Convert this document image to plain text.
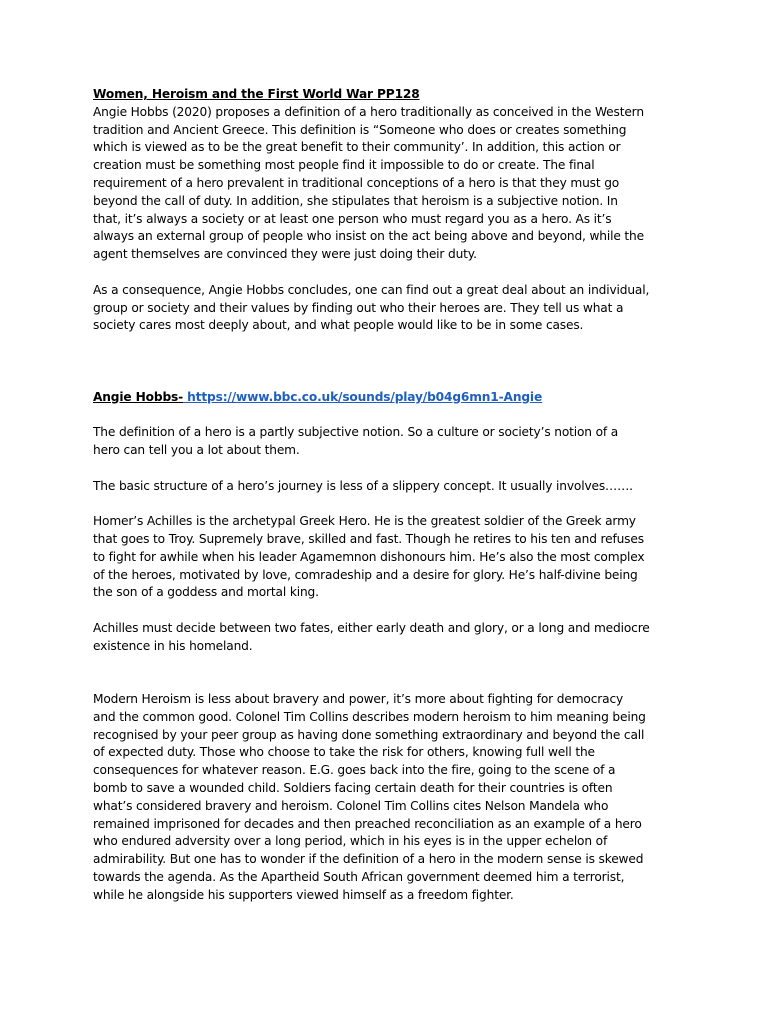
Women, Heroism and the First World War PP128
Angie Hobbs (2020) proposes a definition of a hero traditionally as conceived in the Western
tradition and Ancient Greece. This definition is “Someone who does or creates something
which is viewed as to be the great benefit to their community’. In addition, this action or
creation must be something most people find it impossible to do or create. The final
requirement of a hero prevalent in traditional conceptions of a hero is that they must go
beyond the call of duty. In addition, she stipulates that heroism is a subjective notion. In
that, it’s always a society or at least one person who must regard you as a hero. As it’s
always an external group of people who insist on the act being above and beyond, while the
agent themselves are convinced they were just doing their duty.
As a consequence, Angie Hobbs concludes, one can find out a great deal about an individual,
group or society and their values by finding out who their heroes are. They tell us what a
society cares most deeply about, and what people would like to be in some cases.
Angie Hobbs- https://www.bbc.co.uk/sounds/play/b04g6mn1-Angie
The definition of a hero is a partly subjective notion. So a culture or society’s notion of a
hero can tell you a lot about them.
The basic structure of a hero’s journey is less of a slippery concept. It usually involves…….
Homer’s Achilles is the archetypal Greek Hero. He is the greatest soldier of the Greek army
that goes to Troy. Supremely brave, skilled and fast. Though he retires to his ten and refuses
to fight for awhile when his leader Agamemnon dishonours him. He’s also the most complex
of the heroes, motivated by love, comradeship and a desire for glory. He’s half-divine being
the son of a goddess and mortal king.
Achilles must decide between two fates, either early death and glory, or a long and mediocre
existence in his homeland.
Modern Heroism is less about bravery and power, it’s more about fighting for democracy
and the common good. Colonel Tim Collins describes modern heroism to him meaning being
recognised by your peer group as having done something extraordinary and beyond the call
of expected duty. Those who choose to take the risk for others, knowing full well the
consequences for whatever reason. E.G. goes back into the fire, going to the scene of a
bomb to save a wounded child. Soldiers facing certain death for their countries is often
what’s considered bravery and heroism. Colonel Tim Collins cites Nelson Mandela who
remained imprisoned for decades and then preached reconciliation as an example of a hero
who endured adversity over a long period, which in his eyes is in the upper echelon of
admirability. But one has to wonder if the definition of a hero in the modern sense is skewed
towards the agenda. As the Apartheid South African government deemed him a terrorist,
while he alongside his supporters viewed himself as a freedom fighter.
